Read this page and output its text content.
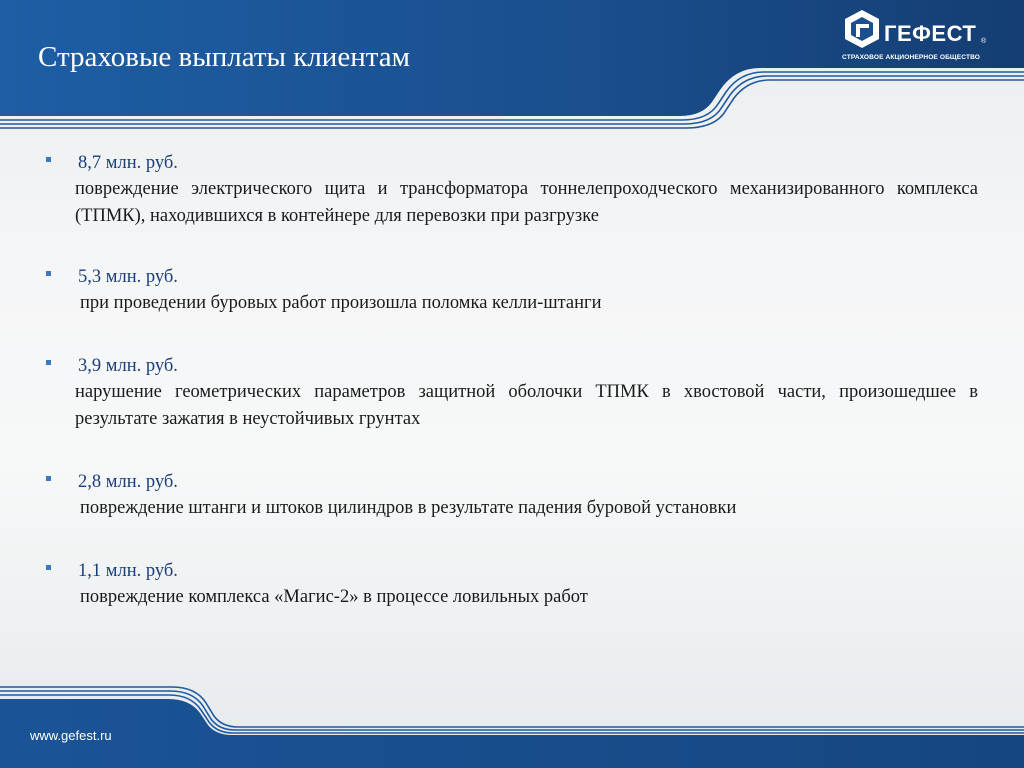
Страховые выплаты клиентам
ГЕФЕСТ ®
СТРАХОВОЕ АКЦИОНЕРНОЕ ОБЩЕСТВО
8,7 млн. руб.
повреждение электрического щита и трансформатора тоннелепроходческого механизированного комплекса (ТПМК), находившихся в контейнере для перевозки при разгрузке
5,3 млн. руб.
при проведении буровых работ произошла поломка келли-штанги
3,9 млн. руб.
нарушение геометрических параметров защитной оболочки ТПМК в хвостовой части, произошедшее в результате зажатия в неустойчивых грунтах
2,8 млн. руб.
повреждение штанги и штоков цилиндров в результате падения буровой установки
1,1 млн. руб.
повреждение комплекса «Магис-2» в процессе ловильных работ
www.gefest.ru
